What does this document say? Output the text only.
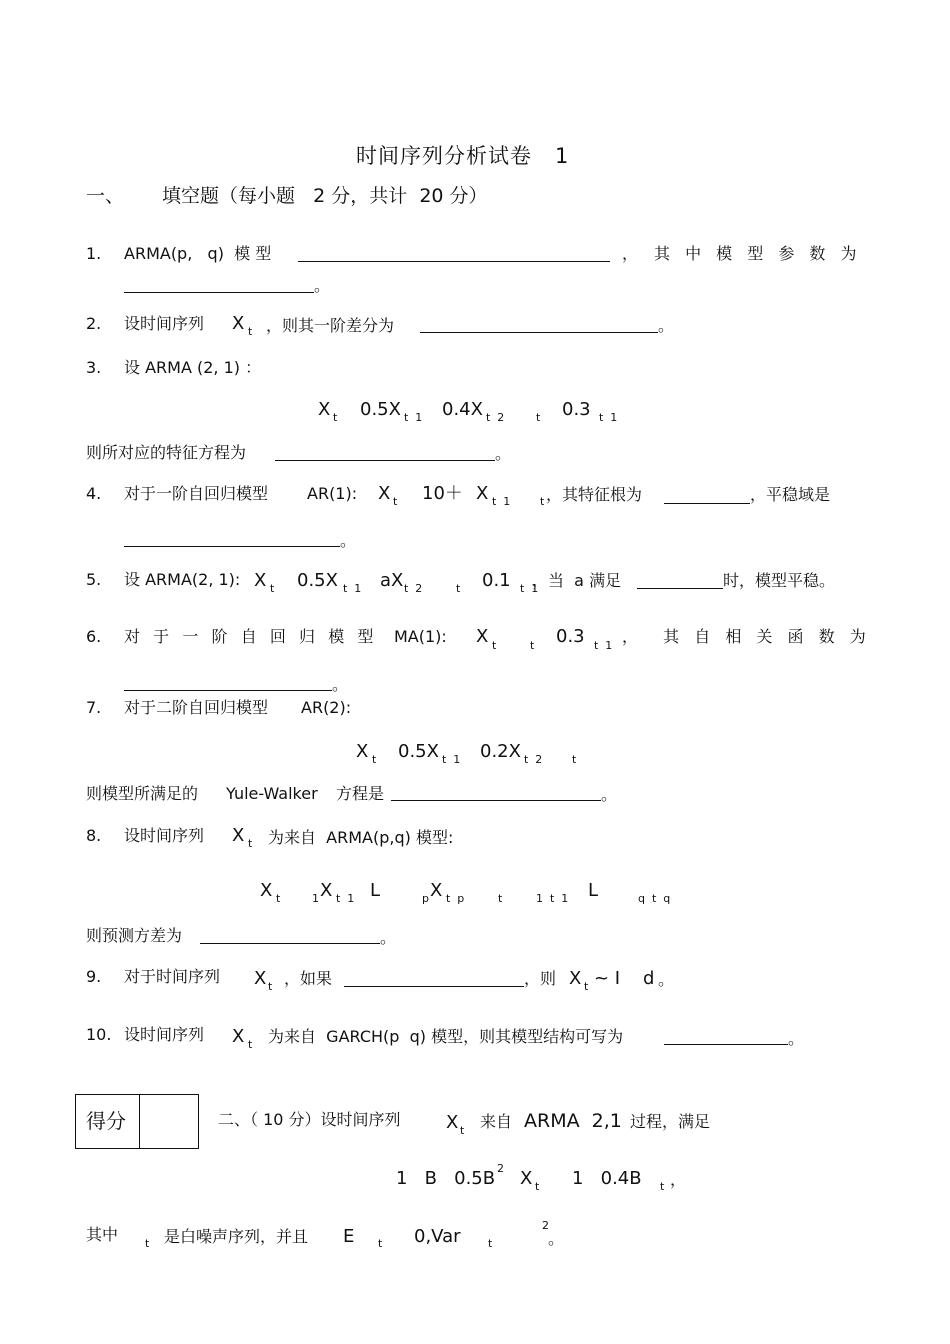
时间序列分析试卷   1
一、 填空题（每小题   2 分，共计  20 分）
1. ARMA(p,   q)  模 型	， 其 中 模 型 参 数 为
。
2. 设时间序列 X t ，则其一阶差分为	。
3. 设 ARMA (2, 1) ：
X t 0.5X t  1 0.4X t  2	t 0.3 t  1
则所对应的特征方程为	。
4. 对于一阶自回归模型 AR(1): X t 10＋ X t  1	t ，其特征根为	，平稳域是
。
5. 设 ARMA(2, 1): X t 0.5X t  1 aX t  2	t 0.1 t  1
，当  a 满足	时，模型平稳。
6. 对  于  一  阶  自  回  归  模  型 MA(1): X t	t 0.3 t  1 ，  其 自 相 关 函 数 为
。
7. 对于二阶自回归模型 AR(2):
X t 0.5X t  1 0.2X t  2	t
则模型所满足的 Yule-Walker 方程是	。
8. 设时间序列 X t 为来自  ARMA(p,q) 模型:
X t	1 X t  1 L	p X t  p	t	1  t  1 L	q  t  q
则预测方差为	。
9. 对于时间序列 X t ，如果	，则 X t ~ I    d 。
10. 设时间序列 X t 为来自  GARCH(p  q) 模型，则其模型结构可写为	。
得分	二、（ 10 分）设时间序列	X t 来自 ARMA  2,1 过程，满足
1   B   0.5B 2 X t 1   0.4B t ，
其中 t 是白噪声序列，并且 E t 0,Var t
2
。
